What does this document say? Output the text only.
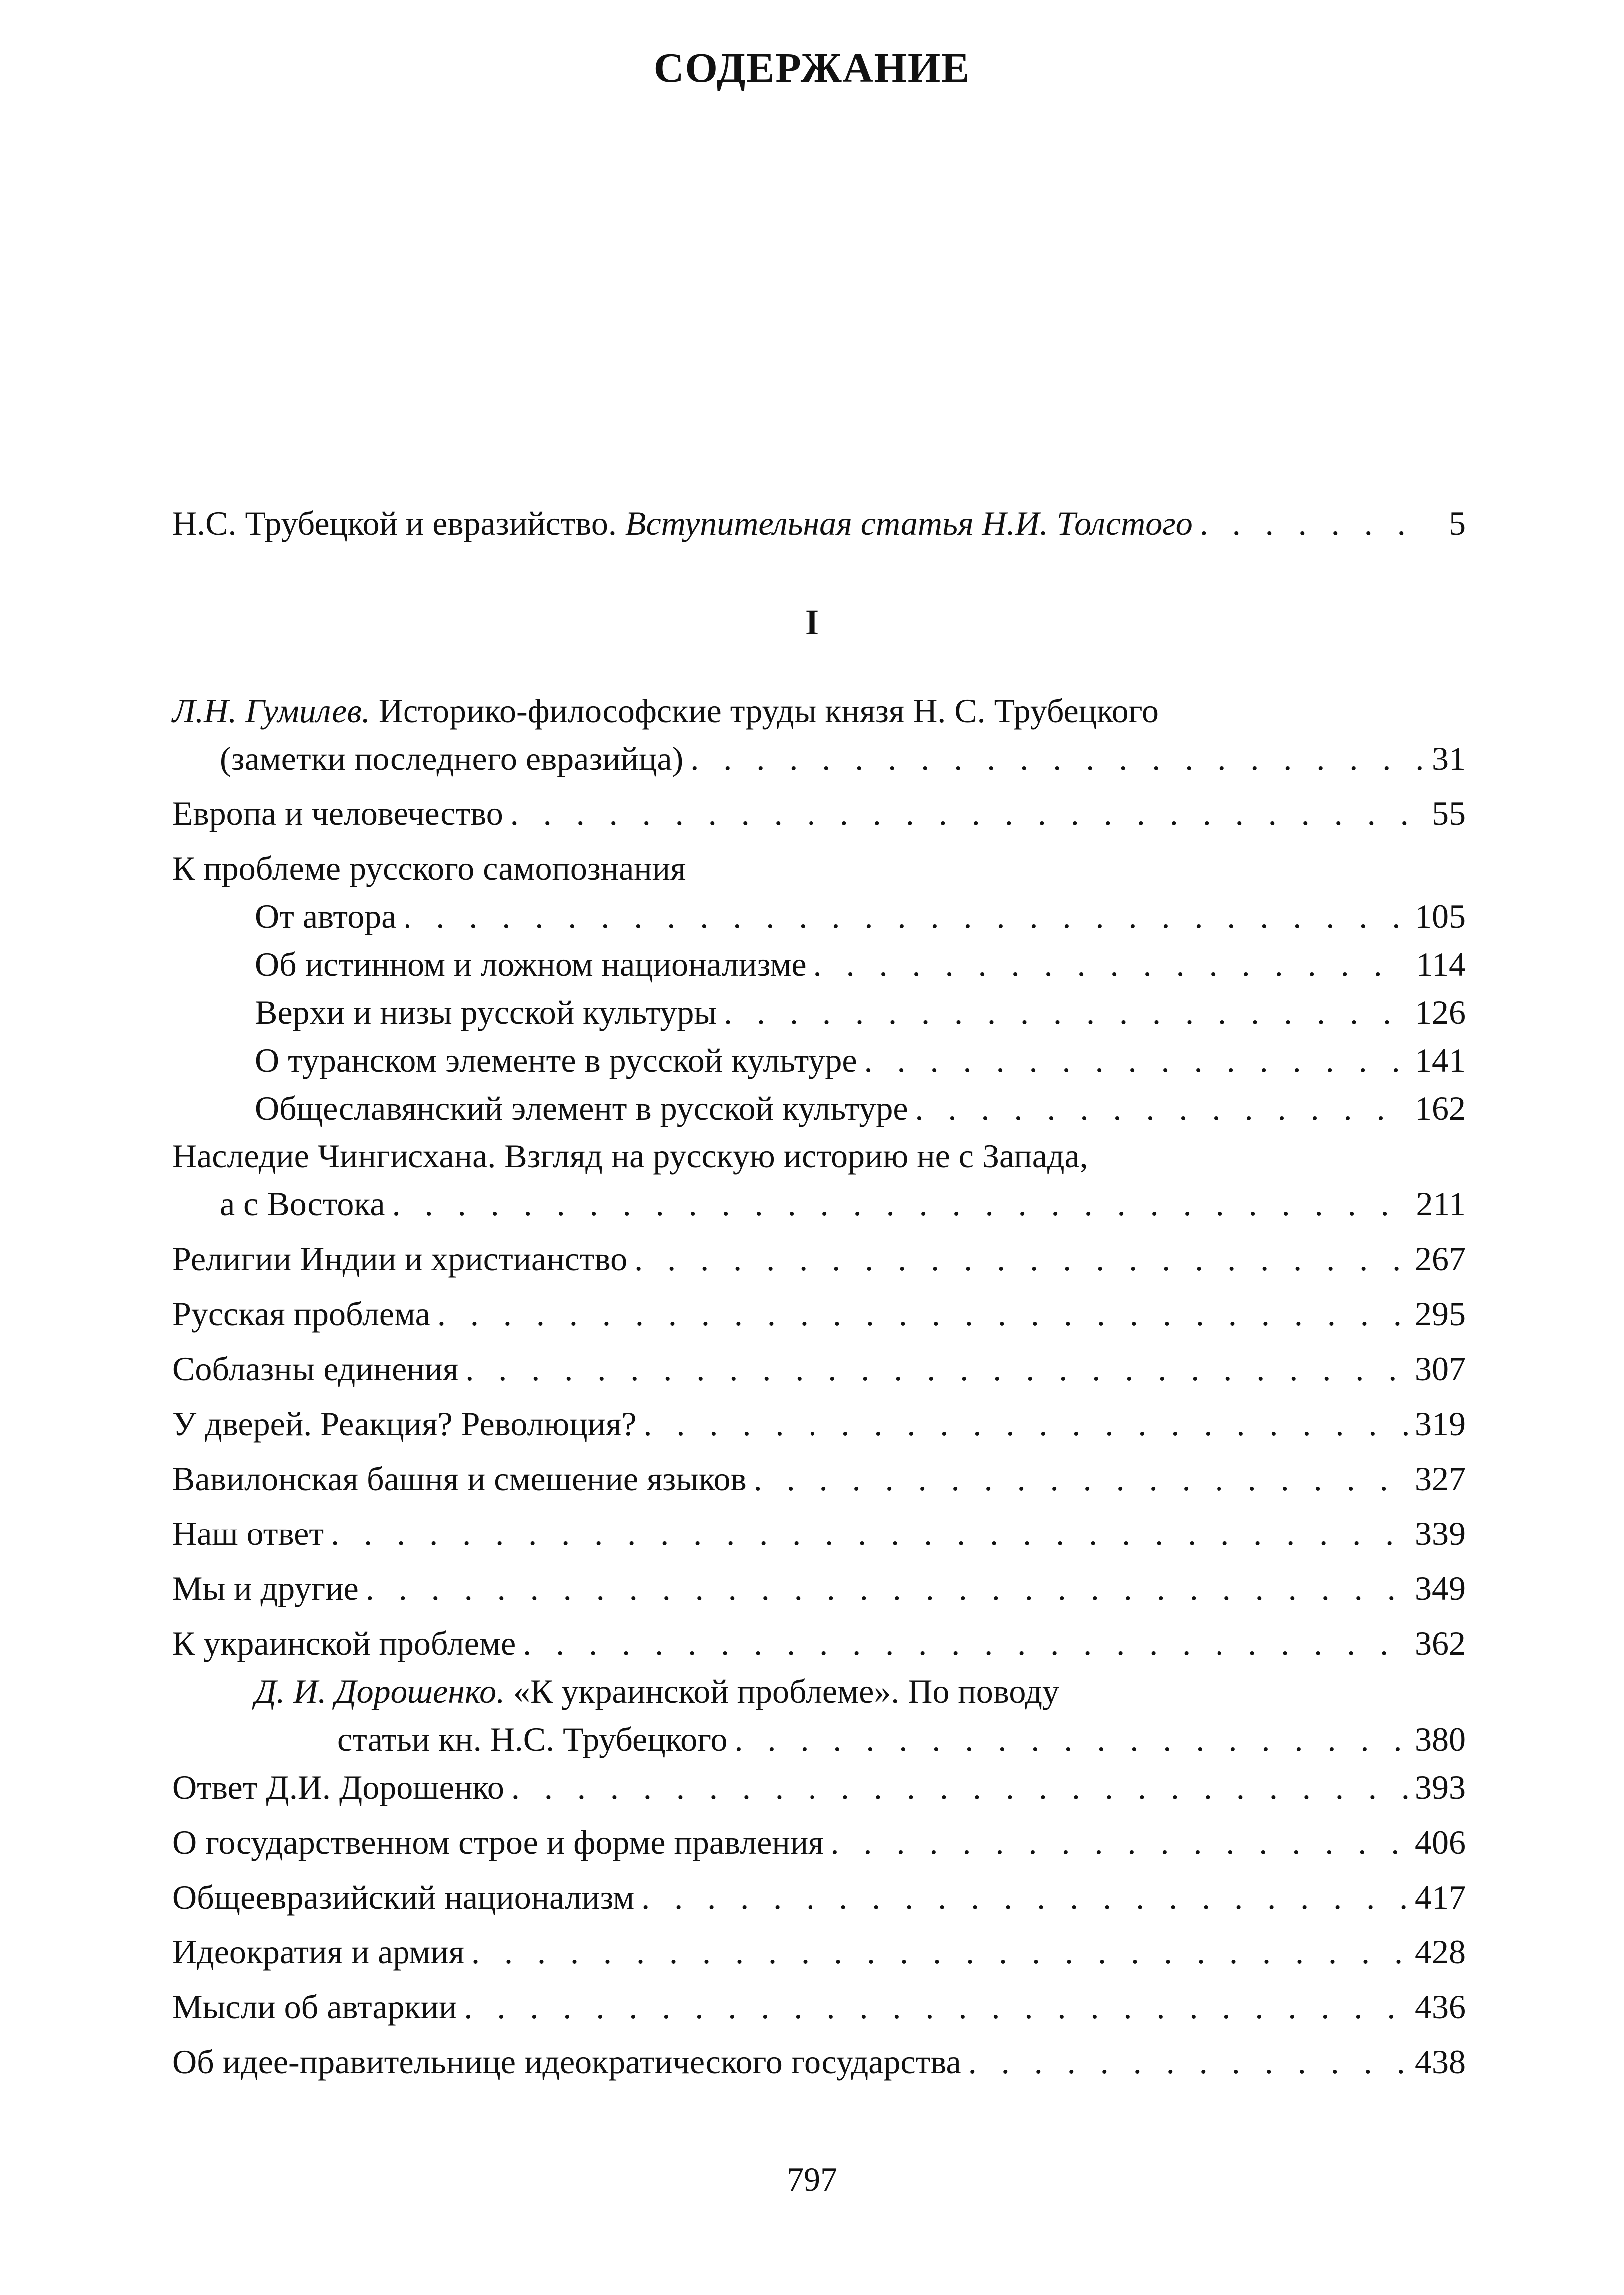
СОДЕРЖАНИЕ
Н.С. Трубецкой и евразийство. Вступительная статья Н.И. Толстого . . .	5
I
Л.Н. Гумилев. Историко-философские труды князя Н. С. Трубецкого
(заметки последнего евразийца) . . .	31
Европа и человечество . . .	55
К проблеме русского самопознания
От автора . . .	105
Об истинном и ложном национализме . . .	114
Верхи и низы русской культуры . . .	126
О туранском элементе в русской культуре . . .	141
Общеславянский элемент в русской культуре . . .	162
Наследие Чингисхана. Взгляд на русскую историю не с Запада,
а с Востока . . .	211
Религии Индии и христианство . . .	267
Русская проблема . . .	295
Соблазны единения . . .	307
У дверей. Реакция? Революция? . . .	319
Вавилонская башня и смешение языков . . .	327
Наш ответ . . .	339
Мы и другие . . .	349
К украинской проблеме . . .	362
Д. И. Дорошенко. «К украинской проблеме». По поводу
статьи кн. Н.С. Трубецкого . . .	380
Ответ Д.И. Дорошенко . . .	393
О государственном строе и форме правления . . .	406
Общеевразийский национализм . . .	417
Идеократия и армия . . .	428
Мысли об автаркии . . .	436
Об идее-правительнице идеократического государства . . .	438
797
